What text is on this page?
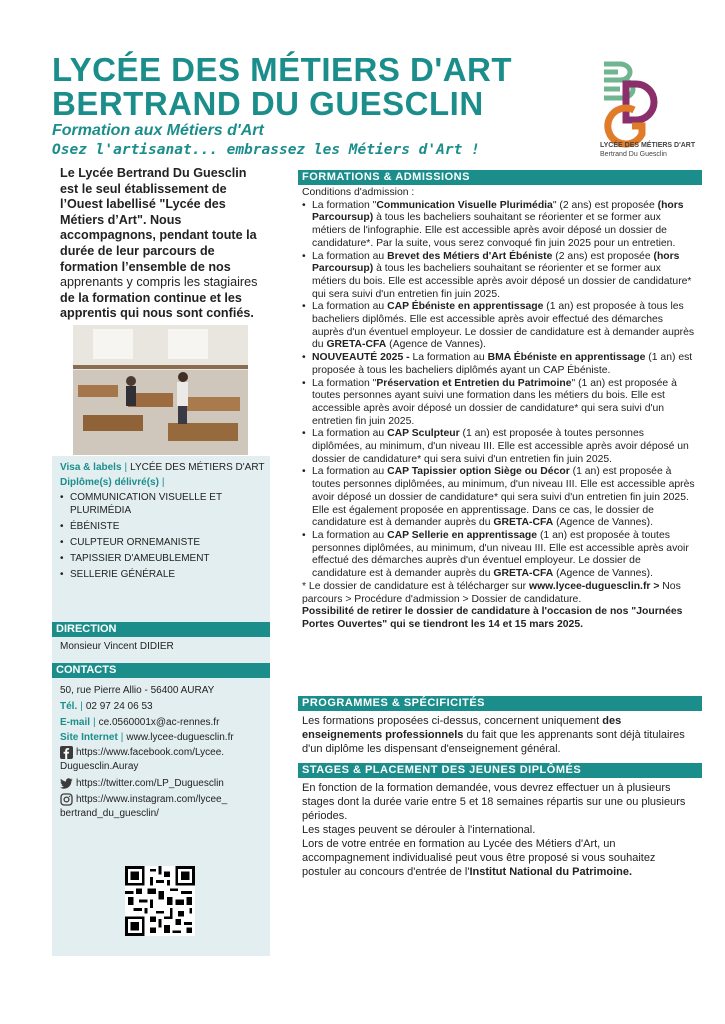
LYCÉE DES MÉTIERS D'ART
BERTRAND DU GUESCLIN
Formation aux Métiers d'Art
Osez l'artisanat... embrassez les Métiers d'Art !	LYCÉE DES MÉTIERS D'ART
Bertrand Du Guesclin
Le Lycée Bertrand Du Guesclin est le seul établissement de l’Ouest labellisé "Lycée des Métiers d’Art". Nous accompagnons, pendant toute la durée de leur parcours de formation l’ensemble de nos apprenants y compris les stagiaires de la formation continue et les apprentis qui nous sont confiés.
Visa & labels | LYCÉE DES MÉTIERS D'ART
Diplôme(s) délivré(s) |
• COMMUNICATION VISUELLE ET PLURIMÉDIA
• ÉBÉNISTE
• CULPTEUR ORNEMANISTE
• TAPISSIER D'AMEUBLEMENT
• SELLERIE GÉNÉRALE
DIRECTION
Monsieur Vincent DIDIER
CONTACTS
50, rue Pierre Allio - 56400 AURAY
Tél. | 02 97 24 06 53
E-mail | ce.0560001x@ac-rennes.fr
Site Internet | www.lycee-duguesclin.fr
https://www.facebook.com/Lycee.
Duguesclin.Auray
https://twitter.com/LP_Duguesclin
https://www.instagram.com/lycee_
bertrand_du_guesclin/
FORMATIONS & ADMISSIONS

Conditions d'admission :

• La formation "Communication Visuelle Plurimédia" (2 ans) est proposée (hors Parcoursup) à tous les bacheliers souhaitant se réorienter et se former aux métiers de l'infographie. Elle est accessible après avoir déposé un dossier de candidature*. Par la suite, vous serez convoqué fin juin 2025 pour un entretien.
• La formation au Brevet des Métiers d'Art Ébéniste (2 ans) est proposée (hors Parcoursup) à tous les bacheliers souhaitant se réorienter et se former aux métiers du bois. Elle est accessible après avoir déposé un dossier de candidature* qui sera suivi d'un entretien fin juin 2025.
• La formation au CAP Ébéniste en apprentissage (1 an) est proposée à tous les bacheliers diplômés. Elle est accessible après avoir effectué des démarches auprès d'un éventuel employeur. Le dossier de candidature est à demander auprès du GRETA-CFA (Agence de Vannes).
• NOUVEAUTÉ 2025 - La formation au BMA Ébéniste en apprentissage (1 an) est proposée à tous les bacheliers diplômés ayant un CAP Ébéniste.
• La formation "Préservation et Entretien du Patrimoine" (1 an) est proposée à toutes personnes ayant suivi une formation dans les métiers du bois. Elle est accessible après avoir déposé un dossier de candidature* qui sera suivi d'un entretien fin juin 2025.
• La formation au CAP Sculpteur (1 an) est proposée à toutes personnes diplômées, au minimum, d'un niveau III. Elle est accessible après avoir déposé un dossier de candidature* qui sera suivi d'un entretien fin juin 2025.
• La formation au CAP Tapissier option Siège ou Décor (1 an) est proposée à toutes personnes diplômées, au minimum, d'un niveau III. Elle est accessible après avoir déposé un dossier de candidature* qui sera suivi d'un entretien fin juin 2025. Elle est également proposée en apprentissage. Dans ce cas, le dossier de candidature est à demander auprès du GRETA-CFA (Agence de Vannes).
• La formation au CAP Sellerie en apprentissage (1 an) est proposée à toutes personnes diplômées, au minimum, d'un niveau III. Elle est accessible après avoir effectué des démarches auprès d'un éventuel employeur. Le dossier de candidature est à demander auprès du GRETA-CFA (Agence de Vannes).

* Le dossier de candidature est à télécharger sur www.lycee-duguesclin.fr > Nos parcours > Procédure d'admission > Dossier de candidature.

Possibilité de retirer le dossier de candidature à l'occasion de nos "Journées Portes Ouvertes" qui se tiendront les 14 et 15 mars 2025.

PROGRAMMES & SPÉCIFICITÉS
Les formations proposées ci-dessus, concernent uniquement des enseignements professionnels du fait que les apprenants sont déjà titulaires d'un diplôme les dispensant d'enseignement général.
STAGES & PLACEMENT DES JEUNES DIPLÔMÉS

En fonction de la formation demandée, vous devrez effectuer un à plusieurs stages dont la durée varie entre 5 et 18 semaines répartis sur une ou plusieurs périodes.

Les stages peuvent se dérouler à l'international.

Lors de votre entrée en formation au Lycée des Métiers d'Art, un accompagnement individualisé peut vous être proposé si vous souhaitez postuler au concours d'entrée de l'Institut National du Patrimoine.
